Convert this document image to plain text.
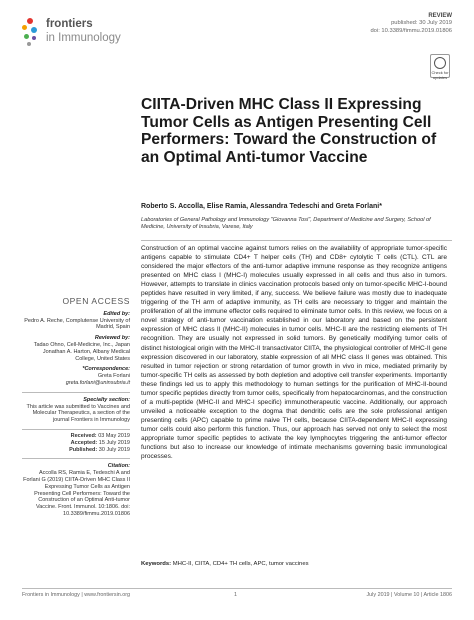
frontiers
in Immunology
REVIEW
published: 30 July 2019
doi: 10.3389/fimmu.2019.01806
Check for updates
CIITA-Driven MHC Class II Expressing Tumor Cells as Antigen Presenting Cell Performers: Toward the Construction of an Optimal Anti-tumor Vaccine
Roberto S. Accolla, Elise Ramia, Alessandra Tedeschi and Greta Forlani*
Laboratories of General Pathology and Immunology "Giovanna Tosi", Department of Medicine and Surgery, School of Medicine, University of Insubria, Varese, Italy
Construction of an optimal vaccine against tumors relies on the availability of appropriate tumor-specific antigens capable to stimulate CD4+ T helper cells (TH) and CD8+ cytolytic T cells (CTL). CTL are considered the major effectors of the anti-tumor adaptive immune response as they recognize antigens presented on MHC class I (MHC-I) molecules usually expressed in all cells and thus also in tumors. However, attempts to translate in clinics vaccination protocols based only on tumor-specific MHC-I-bound peptides have resulted in very limited, if any, success. We believe failure was mostly due to inadequate triggering of the TH arm of adaptive immunity, as TH cells are necessary to trigger and maintain the proliferation of all the immune effector cells required to eliminate tumor cells. In this review, we focus on a novel strategy of anti-tumor vaccination established in our laboratory and based on the persistent expression of MHC class II (MHC-II) molecules in tumor cells. MHC-II are the restricting elements of TH recognition. They are usually not expressed in solid tumors. By genetically modifying tumor cells of distinct histological origin with the MHC-II transactivator CIITA, the physiological controller of MHC-II gene expression discovered in our laboratory, stable expression of all MHC class II genes was obtained. This resulted in tumor rejection or strong retardation of tumor growth in vivo in mice, mediated primarily by tumor-specific TH cells as assessed by both depletion and adoptive cell transfer experiments. Importantly these findings led us to apply this methodology to human settings for the purification of MHC-II-bound tumor specific peptides directly from tumor cells, specifically from hepatocarcinomas, and the construction of a multi-peptide (MHC-II and MHC-I specific) immunotherapeutic vaccine. Additionally, our approach unveiled a noticeable exception to the dogma that dendritic cells are the sole professional antigen presenting cells (APC) capable to prime naive TH cells, because CIITA-dependent MHC-II expressing tumor cells could also perform this function. Thus, our approach has served not only to select the most appropriate tumor specific peptides to activate the key lymphocytes triggering the anti-tumor effector functions but also to increase our knowledge of intimate mechanisms governing basic immunological processes.
Keywords: MHC-II, CIITA, CD4+ TH cells, APC, tumor vaccines
OPEN ACCESS
Edited by:
Pedro A. Reche, Complutense University of Madrid, Spain
Reviewed by:
Tadao Ohno, Cell-Medicine, Inc., Japan
Jonathan A. Harton, Albany Medical College, United States
*Correspondence:
Greta Forlani
greta.forlani@uninsubria.it
Specialty section:
This article was submitted to Vaccines and Molecular Therapeutics, a section of the journal Frontiers in Immunology
Received: 03 May 2019
Accepted: 15 July 2019
Published: 30 July 2019
Citation:
Accolla RS, Ramia E, Tedeschi A and Forlani G (2019) CIITA-Driven MHC Class II Expressing Tumor Cells as Antigen Presenting Cell Performers: Toward the Construction of an Optimal Anti-tumor Vaccine. Front. Immunol. 10:1806. doi: 10.3389/fimmu.2019.01806
Frontiers in Immunology | www.frontiersin.org	1	July 2019 | Volume 10 | Article 1806
